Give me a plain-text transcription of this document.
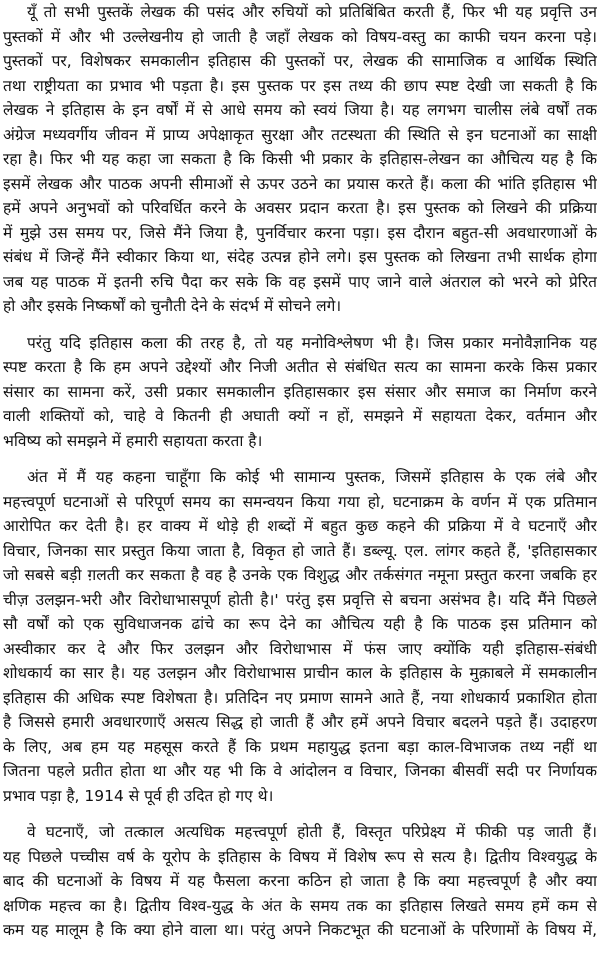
यूँ तो सभी पुस्तकें लेखक की पसंद और रुचियों को प्रतिबिंबित करती हैं, फिर भी यह प्रवृत्ति उन
पुस्तकों में और भी उल्लेखनीय हो जाती है जहाँ लेखक को विषय-वस्तु का काफी चयन करना पड़े।
पुस्तकों पर, विशेषकर समकालीन इतिहास की पुस्तकों पर, लेखक की सामाजिक व आर्थिक स्थिति
तथा राष्ट्रीयता का प्रभाव भी पड़ता है। इस पुस्तक पर इस तथ्य की छाप स्पष्ट देखी जा सकती है कि
लेखक ने इतिहास के इन वर्षों में से आधे समय को स्वयं जिया है। यह लगभग चालीस लंबे वर्षों तक
अंग्रेज मध्यवर्गीय जीवन में प्राप्य अपेक्षाकृत सुरक्षा और तटस्थता की स्थिति से इन घटनाओं का साक्षी
रहा है। फिर भी यह कहा जा सकता है कि किसी भी प्रकार के इतिहास-लेखन का औचित्य यह है कि
इसमें लेखक और पाठक अपनी सीमाओं से ऊपर उठने का प्रयास करते हैं। कला की भांति इतिहास भी
हमें अपने अनुभवों को परिवर्धित करने के अवसर प्रदान करता है। इस पुस्तक को लिखने की प्रक्रिया
में मुझे उस समय पर, जिसे मैंने जिया है, पुनर्विचार करना पड़ा। इस दौरान बहुत-सी अवधारणाओं के
संबंध में जिन्हें मैंने स्वीकार किया था, संदेह उत्पन्न होने लगे। इस पुस्तक को लिखना तभी सार्थक होगा
जब यह पाठक में इतनी रुचि पैदा कर सके कि वह इसमें पाए जाने वाले अंतराल को भरने को प्रेरित
हो और इसके निष्कर्षों को चुनौती देने के संदर्भ में सोचने लगे।
परंतु यदि इतिहास कला की तरह है, तो यह मनोविश्लेषण भी है। जिस प्रकार मनोवैज्ञानिक यह
स्पष्ट करता है कि हम अपने उद्देश्यों और निजी अतीत से संबंधित सत्य का सामना करके किस प्रकार
संसार का सामना करें, उसी प्रकार समकालीन इतिहासकार इस संसार और समाज का निर्माण करने
वाली शक्तियों को, चाहे वे कितनी ही अघाती क्यों न हों, समझने में सहायता देकर, वर्तमान और
भविष्य को समझने में हमारी सहायता करता है।
अंत में मैं यह कहना चाहूँगा कि कोई भी सामान्य पुस्तक, जिसमें इतिहास के एक लंबे और
महत्त्वपूर्ण घटनाओं से परिपूर्ण समय का समन्वयन किया गया हो, घटनाक्रम के वर्णन में एक प्रतिमान
आरोपित कर देती है। हर वाक्य में थोड़े ही शब्दों में बहुत कुछ कहने की प्रक्रिया में वे घटनाएँ और
विचार, जिनका सार प्रस्तुत किया जाता है, विकृत हो जाते हैं। डब्ल्यू. एल. लांगर कहते हैं, 'इतिहासकार
जो सबसे बड़ी ग़लती कर सकता है वह है उनके एक विशुद्ध और तर्कसंगत नमूना प्रस्तुत करना जबकि हर
चीज़ उलझन-भरी और विरोधाभासपूर्ण होती है।' परंतु इस प्रवृत्ति से बचना असंभव है। यदि मैंने पिछले
सौ वर्षों को एक सुविधाजनक ढांचे का रूप देने का औचित्य यही है कि पाठक इस प्रतिमान को
अस्वीकार कर दे और फिर उलझन और विरोधाभास में फंस जाए क्योंकि यही इतिहास-संबंधी
शोधकार्य का सार है। यह उलझन और विरोधाभास प्राचीन काल के इतिहास के मुक़ाबले में समकालीन
इतिहास की अधिक स्पष्ट विशेषता है। प्रतिदिन नए प्रमाण सामने आते हैं, नया शोधकार्य प्रकाशित होता
है जिससे हमारी अवधारणाएँ असत्य सिद्ध हो जाती हैं और हमें अपने विचार बदलने पड़ते हैं। उदाहरण
के लिए, अब हम यह महसूस करते हैं कि प्रथम महायुद्ध इतना बड़ा काल-विभाजक तथ्य नहीं था
जितना पहले प्रतीत होता था और यह भी कि वे आंदोलन व विचार, जिनका बीसवीं सदी पर निर्णायक
प्रभाव पड़ा है, 1914 से पूर्व ही उदित हो गए थे।
वे घटनाएँ, जो तत्काल अत्यधिक महत्त्वपूर्ण होती हैं, विस्तृत परिप्रेक्ष्य में फीकी पड़ जाती हैं।
यह पिछले पच्चीस वर्ष के यूरोप के इतिहास के विषय में विशेष रूप से सत्य है। द्वितीय विश्वयुद्ध के
बाद की घटनाओं के विषय में यह फैसला करना कठिन हो जाता है कि क्या महत्त्वपूर्ण है और क्या
क्षणिक महत्त्व का है। द्वितीय विश्व-युद्ध के अंत के समय तक का इतिहास लिखते समय हमें कम से
कम यह मालूम है कि क्या होने वाला था। परंतु अपने निकटभूत की घटनाओं के परिणामों के विषय में,
